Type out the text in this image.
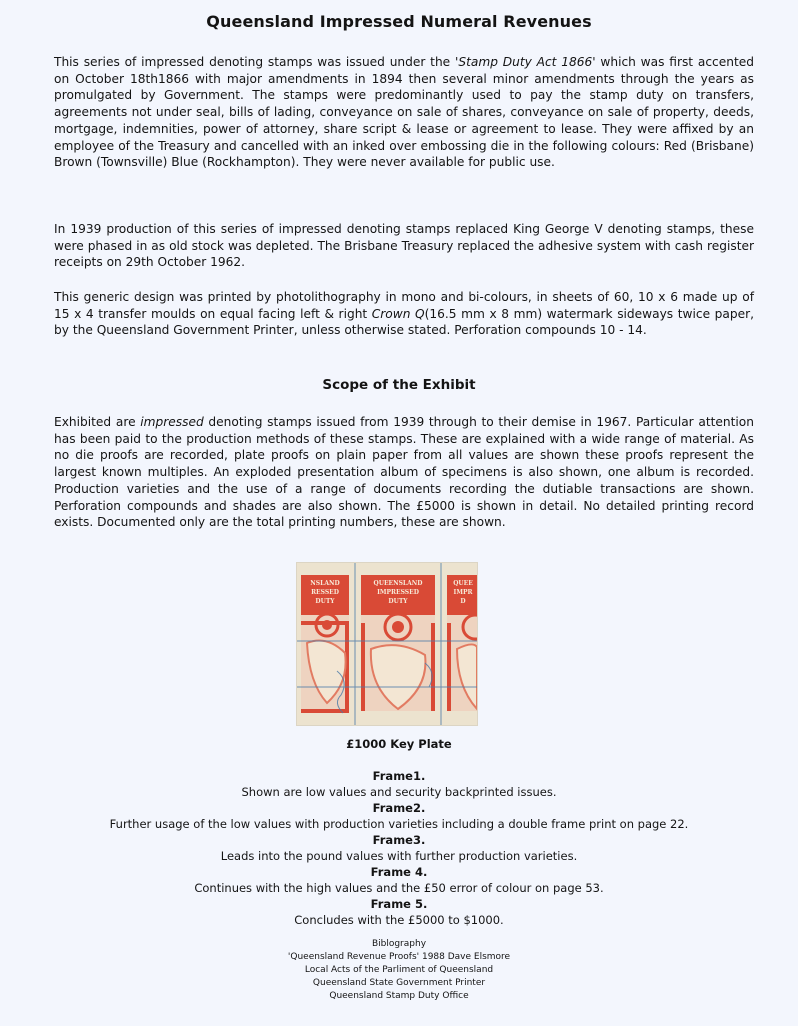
Queensland Impressed Numeral Revenues

This series of impressed denoting stamps was issued under the 'Stamp Duty Act 1866' which was first accented on October 18th1866 with major amendments in 1894 then several minor amendments through the years as promulgated by Government. The stamps were predominantly used to pay the stamp duty on transfers, agreements not under seal, bills of lading, conveyance on sale of shares, conveyance on sale of property, deeds, mortgage, indemnities, power of attorney, share script & lease or agreement to lease. They were affixed by an employee of the Treasury and cancelled with an inked over embossing die in the following colours: Red (Brisbane) Brown (Townsville) Blue (Rockhampton). They were never available for public use.

In 1939 production of this series of impressed denoting stamps replaced King George V denoting stamps, these were phased in as old stock was depleted. The Brisbane Treasury replaced the adhesive system with cash register receipts on 29th October 1962.

This generic design was printed by photolithography in mono and bi-colours, in sheets of 60, 10 x 6 made up of 15 x 4 transfer moulds on equal facing left & right Crown Q(16.5 mm x 8 mm) watermark sideways twice paper, by the Queensland Government Printer, unless otherwise stated. Perforation compounds 10 - 14.

Scope of the Exhibit

Exhibited are impressed denoting stamps issued from 1939 through to their demise in 1967. Particular attention has been paid to the production methods of these stamps. These are explained with a wide range of material. As no die proofs are recorded, plate proofs on plain paper from all values are shown these proofs represent the largest known multiples. An exploded presentation album of specimens is also shown, one album is recorded. Production varieties and the use of a range of documents recording the dutiable transactions are shown. Perforation compounds and shades are also shown. The £5000 is shown in detail. No detailed printing record exists. Documented only are the total printing numbers, these are shown.

NSLAND
RESSED
DUTY
QUEENSLAND
IMPRESSED
DUTY
QUEE
IMPR
D
£1000 Key Plate
Frame1.
Shown are low values and security backprinted issues.
Frame2.
Further usage of the low values with production varieties including a double frame print on page 22.
Frame3.
Leads into the pound values with further production varieties.
Frame 4.
Continues with the high values and the £50 error of colour on page 53.
Frame 5.
Concludes with the £5000 to $1000.
Biblography
'Queensland Revenue Proofs' 1988 Dave Elsmore
Local Acts of the Parliment of Queensland
Queensland State Government Printer
Queensland Stamp Duty Office
